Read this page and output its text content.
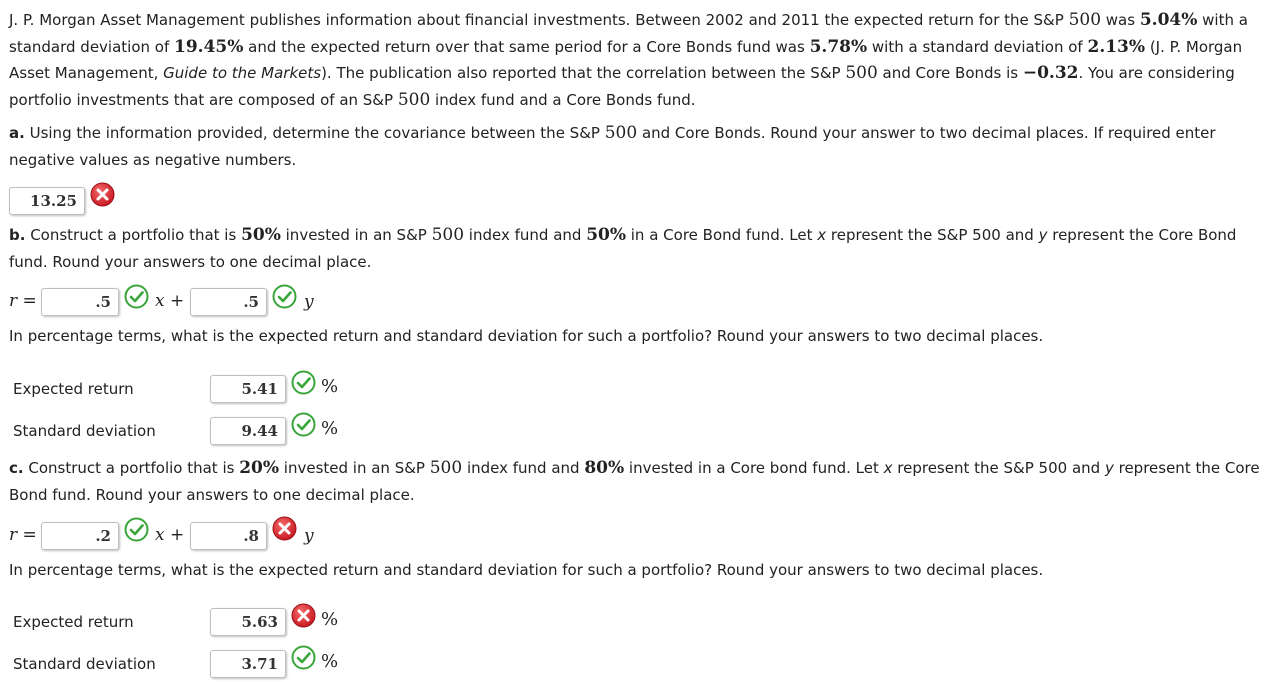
J. P. Morgan Asset Management publishes information about financial investments. Between 2002 and 2011 the expected return for the S&P 500 was 5.04% with a standard deviation of 19.45% and the expected return over that same period for a Core Bonds fund was 5.78% with a standard deviation of 2.13% (J. P. Morgan Asset Management, Guide to the Markets). The publication also reported that the correlation between the S&P 500 and Core Bonds is −0.32. You are considering portfolio investments that are composed of an S&P 500 index fund and a Core Bonds fund.

a. Using the information provided, determine the covariance between the S&P 500 and Core Bonds. Round your answer to two decimal places. If required enter negative values as negative numbers.

13.25

b. Construct a portfolio that is 50% invested in an S&P 500 index fund and 50% in a Core Bond fund. Let x represent the S&P 500 and y represent the Core Bond fund. Round your answers to one decimal place.

r =	.5	x +	.5	y

In percentage terms, what is the expected return and standard deviation for such a portfolio? Round your answers to two decimal places.

Expected return	5.41	%
Standard deviation	9.44	%

c. Construct a portfolio that is 20% invested in an S&P 500 index fund and 80% invested in a Core bond fund. Let x represent the S&P 500 and y represent the Core Bond fund. Round your answers to one decimal place.

r =	.2	x +	.8	y

In percentage terms, what is the expected return and standard deviation for such a portfolio? Round your answers to two decimal places.

Expected return	5.63	%
Standard deviation	3.71	%
